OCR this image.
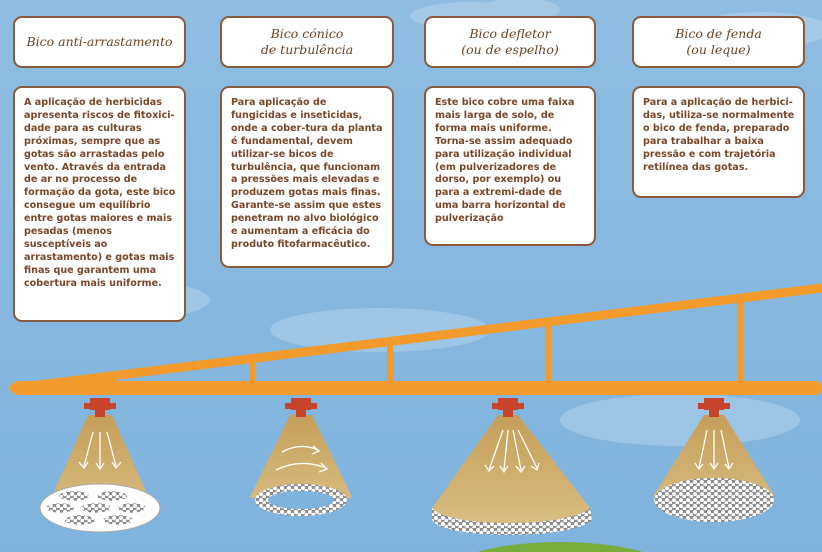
Bico anti-arrastamento
Bico cónico
de turbulência
Bico defletor
(ou de espelho)
Bico de fenda
(ou leque)
A aplicação de herbicidas apresenta riscos de fitoxici-dade para as culturas próximas, sempre que as gotas são arrastadas pelo vento. Através da entrada de ar no processo de formação da gota, este bico consegue um equilíbrio entre gotas maiores e mais pesadas (menos susceptíveis ao arrastamento) e gotas mais finas que garantem uma cobertura mais uniforme.
Para aplicação de fungicidas e inseticidas, onde a cober-tura da planta é fundamental, devem utilizar-se bicos de turbulência, que funcionam a pressões mais elevadas e produzem gotas mais finas. Garante-se assim que estes penetram no alvo biológico e aumentam a eficácia do produto fitofarmacêutico.
Este bico cobre uma faixa mais larga de solo, de forma mais uniforme. Torna-se assim adequado para utilização individual (em pulverizadores de dorso, por exemplo) ou para a extremi-dade de uma barra horizontal de pulverização
Para a aplicação de herbici-das, utiliza-se normalmente o bico de fenda, preparado para trabalhar a baixa pressão e com trajetória retilínea das gotas.
